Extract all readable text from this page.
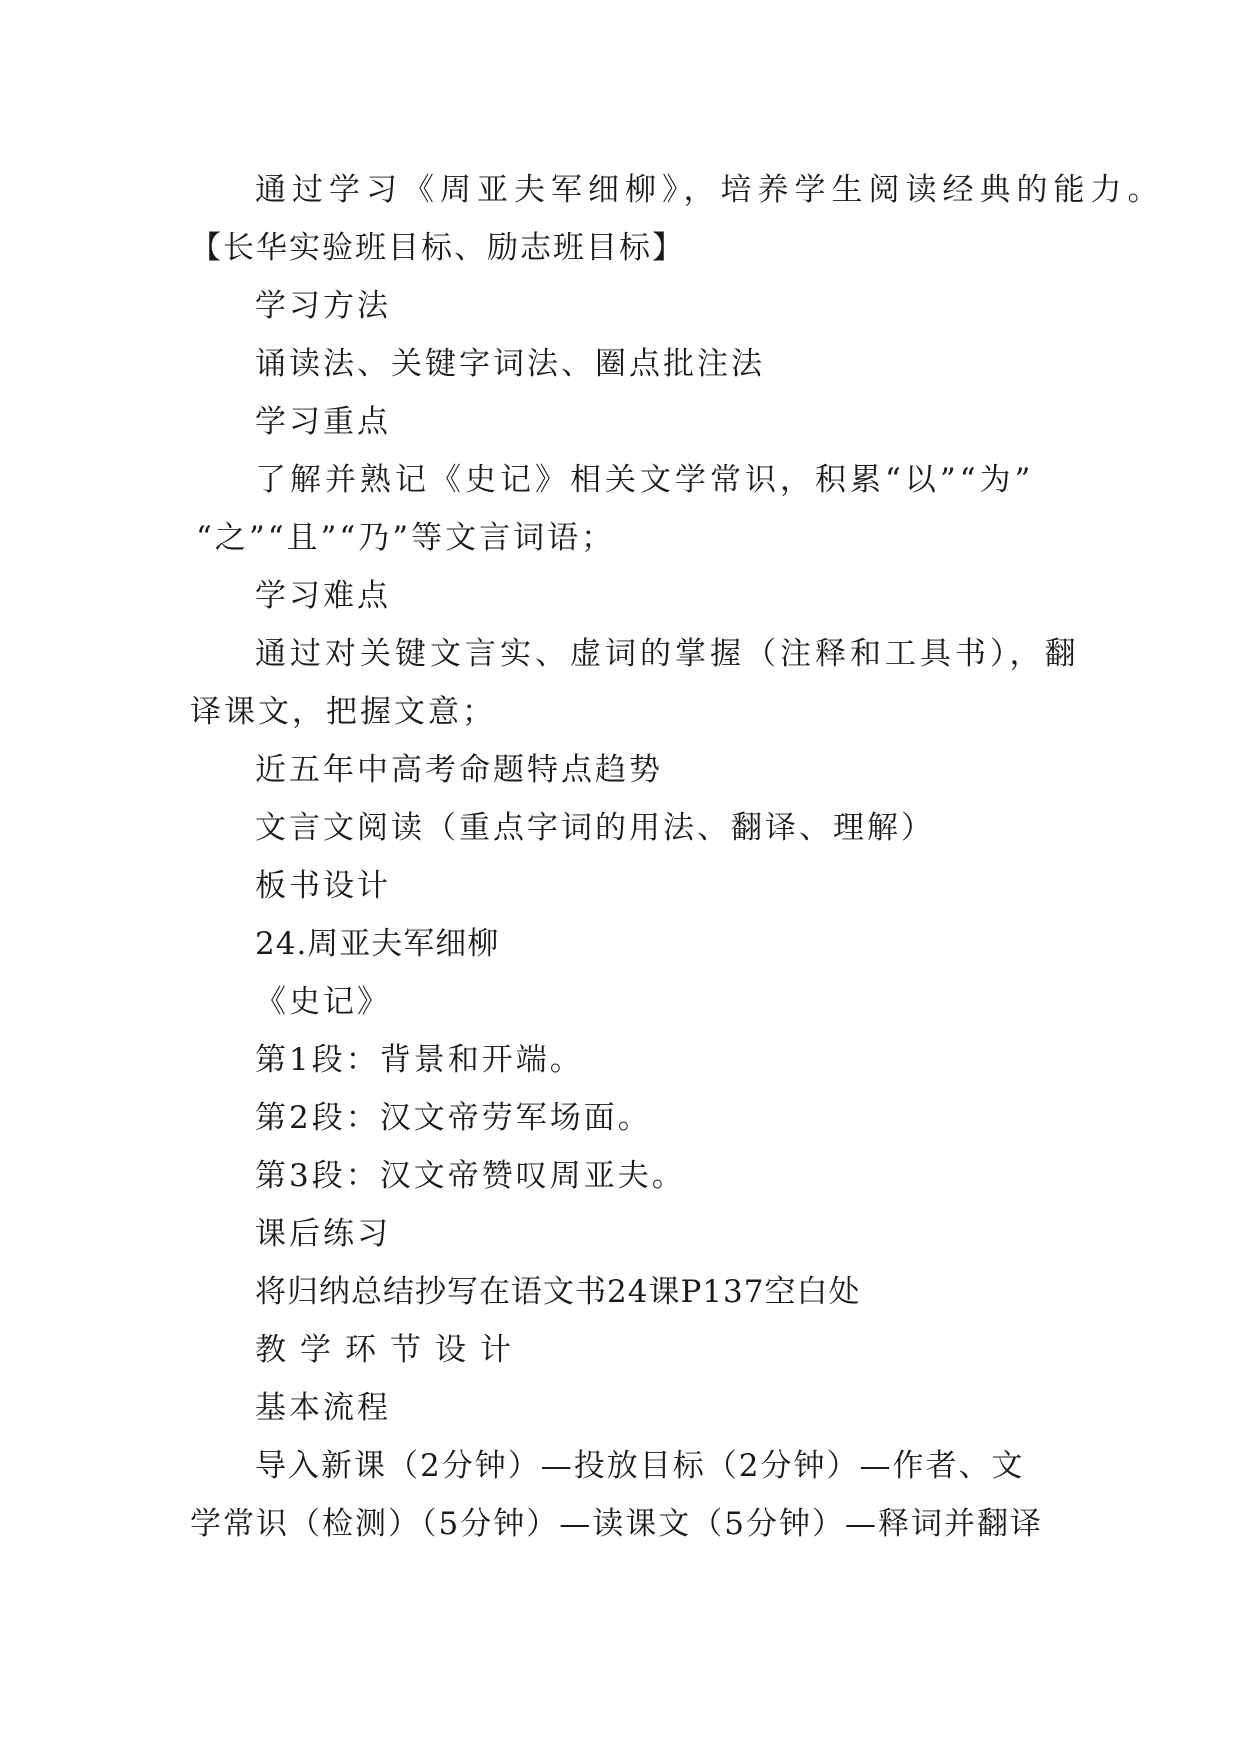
通过学习《周亚夫军细柳》，培养学生阅读经典的能力。
【长华实验班目标、励志班目标】
学习方法
诵读法、关键字词法、圈点批注法
学习重点
了解并熟记《史记》相关文学常识，积累“以”“为”
“之”“且”“乃”等文言词语；
学习难点
通过对关键文言实、虚词的掌握（注释和工具书），翻
译课文，把握文意；
近五年中高考命题特点趋势
文言文阅读（重点字词的用法、翻译、理解）
板书设计
24.周亚夫军细柳
《史记》
第1段：背景和开端。
第2段：汉文帝劳军场面。
第3段：汉文帝赞叹周亚夫。
课后练习
将归纳总结抄写在语文书24课P137空白处
教学环节设计
基本流程
导入新课（2分钟）—投放目标（2分钟）—作者、文
学常识（检测）（5分钟）—读课文（5分钟）—释词并翻译
